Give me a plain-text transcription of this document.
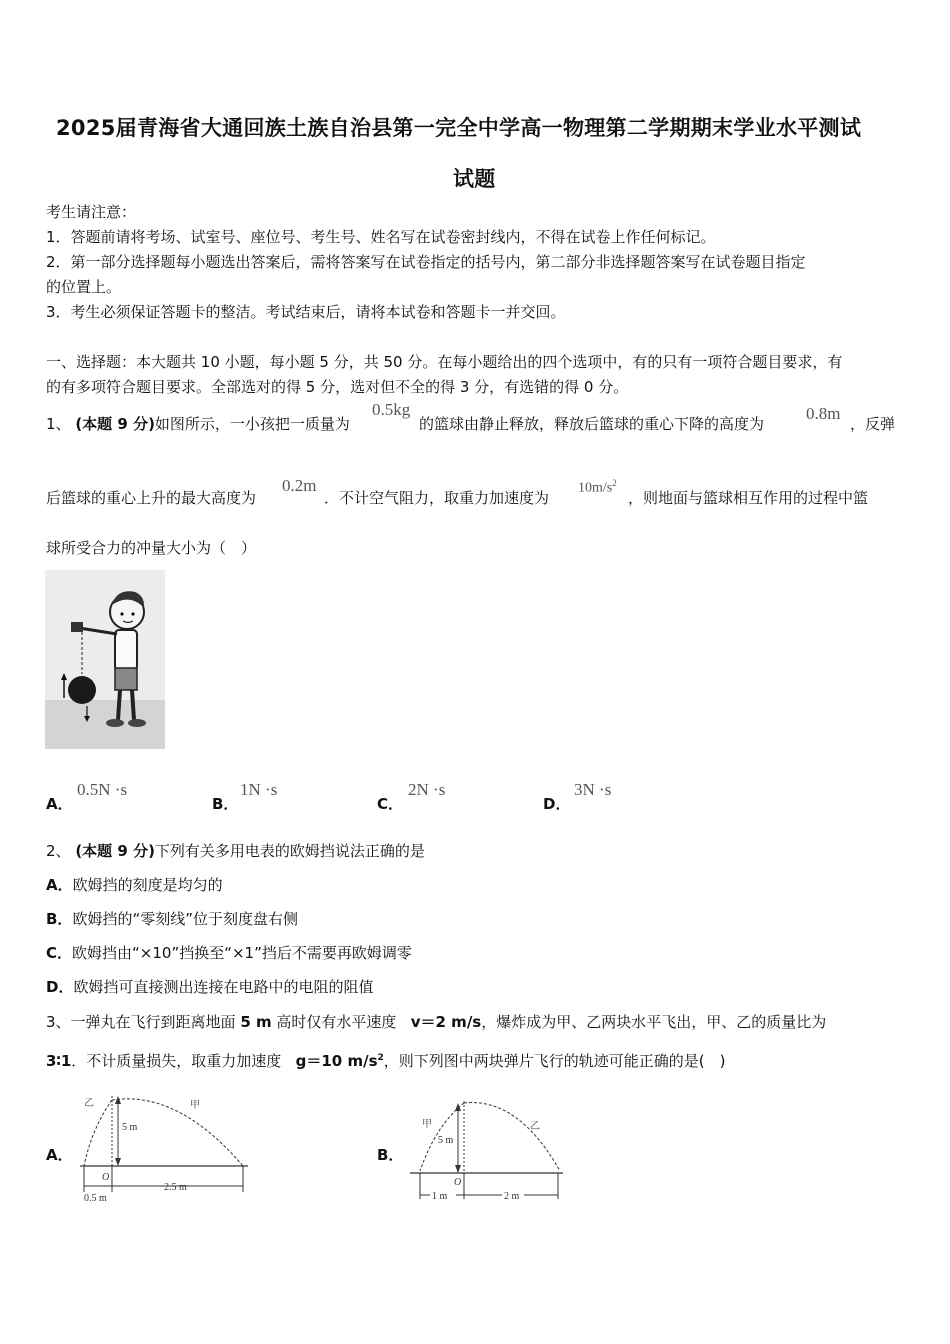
2025届青海省大通回族土族自治县第一完全中学高一物理第二学期期末学业水平测试
试题
考生请注意：
1．答题前请将考场、试室号、座位号、考生号、姓名写在试卷密封线内，不得在试卷上作任何标记。
2．第一部分选择题每小题选出答案后，需将答案写在试卷指定的括号内，第二部分非选择题答案写在试卷题目指定
的位置上。
3．考生必须保证答题卡的整洁。考试结束后，请将本试卷和答题卡一并交回。
一、选择题：本大题共 10 小题，每小题 5 分，共 50 分。在每小题给出的四个选项中，有的只有一项符合题目要求，有
的有多项符合题目要求。全部选对的得 5 分，选对但不全的得 3 分，有选错的得 0 分。
1、 (本题 9 分)如图所示，一小孩把一质量为
0.5kg
的篮球由静止释放，释放后篮球的重心下降的高度为
0.8m
，反弹
后篮球的重心上升的最大高度为
0.2m
．不计空气阻力，取重力加速度为
$10m/s^2$
，则地面与篮球相互作用的过程中篮
球所受合力的冲量大小为（　）
A．
0.5N ·s
B．
1N ·s
C．
2N ·s
D．
3N ·s
2、 (本题 9 分)下列有关多用电表的欧姆挡说法正确的是
A．欧姆挡的刻度是均匀的
B．欧姆挡的“零刻线”位于刻度盘右侧
C．欧姆挡由“×10”挡换至“×1”挡后不需要再欧姆调零
D．欧姆挡可直接测出连接在电路中的电阻的阻值
3、一弹丸在飞行到距离地面 5 m 高时仅有水平速度 v＝2 m/s，爆炸成为甲、乙两块水平飞出，甲、乙的质量比为
3∶1．不计质量损失，取重力加速度 g＝10 $m/s^2$，则下列图中两块弹片飞行的轨迹可能正确的是(　)
A．
5 m
乙	甲
O
0.5 m
2.5 m
B．
5 m
甲	乙
O
1 m	2 m
